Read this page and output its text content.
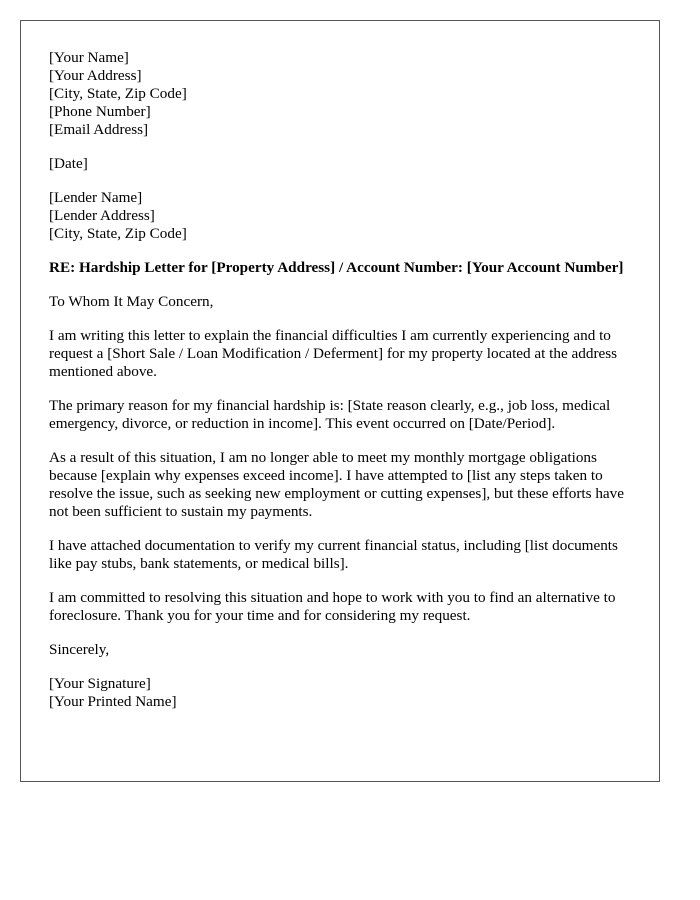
[Your Name]
[Your Address]
[City, State, Zip Code]
[Phone Number]
[Email Address]
[Date]
[Lender Name]
[Lender Address]
[City, State, Zip Code]

RE: Hardship Letter for [Property Address] / Account Number: [Your Account Number]

To Whom It May Concern,

I am writing this letter to explain the financial difficulties I am currently experiencing and to request a [Short Sale / Loan Modification / Deferment] for my property located at the address mentioned above.

The primary reason for my financial hardship is: [State reason clearly, e.g., job loss, medical emergency, divorce, or reduction in income]. This event occurred on [Date/Period].

As a result of this situation, I am no longer able to meet my monthly mortgage obligations because [explain why expenses exceed income]. I have attempted to [list any steps taken to resolve the issue, such as seeking new employment or cutting expenses], but these efforts have not been sufficient to sustain my payments.

I have attached documentation to verify my current financial status, including [list documents like pay stubs, bank statements, or medical bills].

I am committed to resolving this situation and hope to work with you to find an alternative to foreclosure. Thank you for your time and for considering my request.

Sincerely,

[Your Signature]
[Your Printed Name]
